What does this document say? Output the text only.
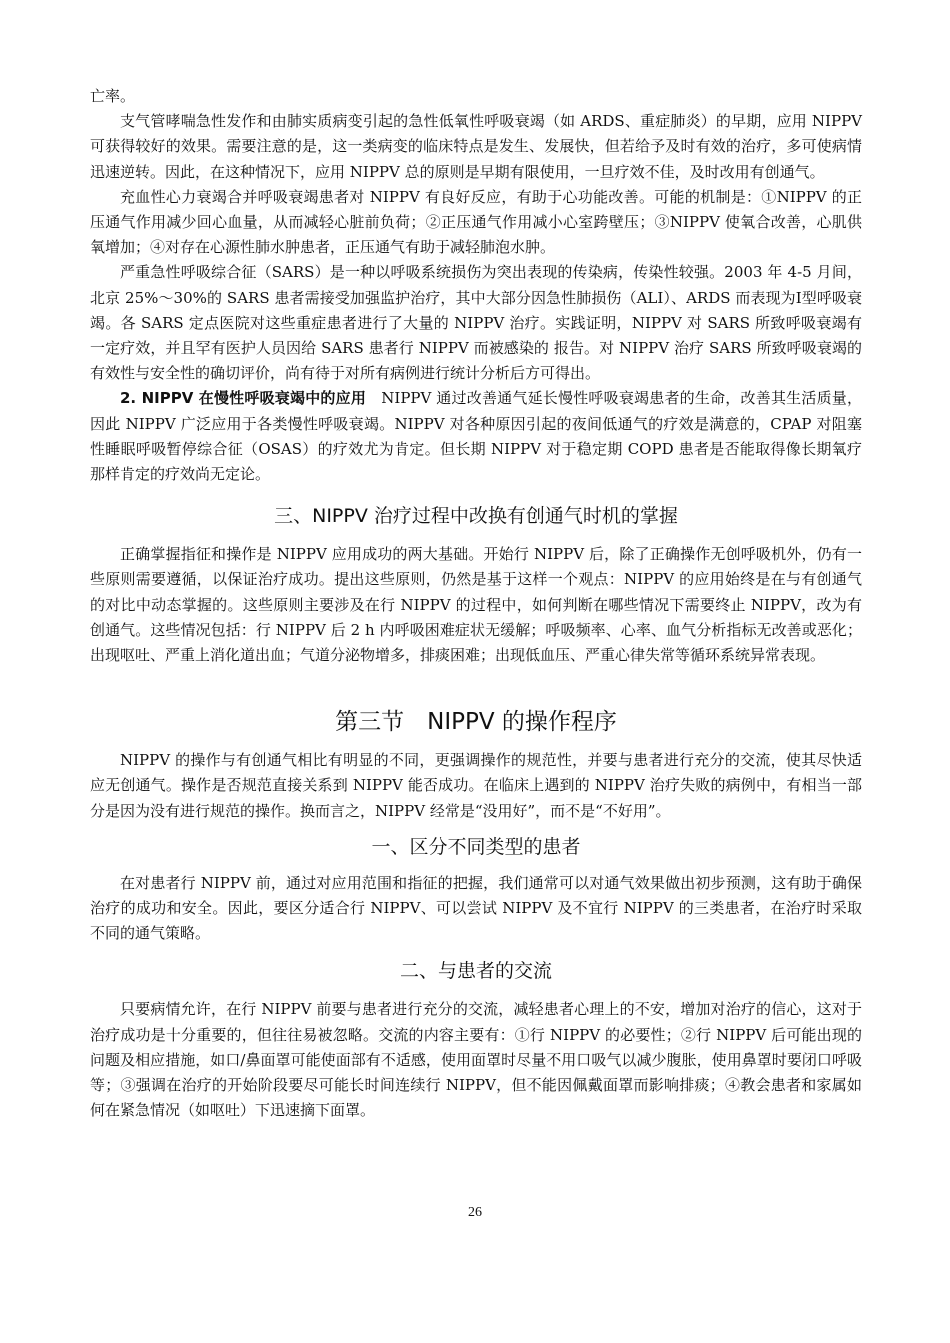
亡率。

支气管哮喘急性发作和由肺实质病变引起的急性低氧性呼吸衰竭（如 ARDS、重症肺炎）的早期，应用 NIPPV 可获得较好的效果。需要注意的是，这一类病变的临床特点是发生、发展快，但若给予及时有效的治疗，多可使病情迅速逆转。因此，在这种情况下，应用 NIPPV 总的原则是早期有限使用，一旦疗效不佳，及时改用有创通气。

充血性心力衰竭合并呼吸衰竭患者对 NIPPV 有良好反应，有助于心功能改善。可能的机制是：①NIPPV 的正压通气作用减少回心血量，从而减轻心脏前负荷；②正压通气作用减小心室跨壁压；③NIPPV 使氧合改善，心肌供氧增加；④对存在心源性肺水肿患者，正压通气有助于减轻肺泡水肿。

严重急性呼吸综合征（SARS）是一种以呼吸系统损伤为突出表现的传染病，传染性较强。2003 年 4-5 月间，北京 25%～30%的 SARS 患者需接受加强监护治疗，其中大部分因急性肺损伤（ALI）、ARDS 而表现为Ⅰ型呼吸衰竭。各 SARS 定点医院对这些重症患者进行了大量的 NIPPV 治疗。实践证明，NIPPV 对 SARS 所致呼吸衰竭有一定疗效，并且罕有医护人员因给 SARS 患者行 NIPPV 而被感染的 报告。对 NIPPV 治疗 SARS 所致呼吸衰竭的有效性与安全性的确切评价，尚有待于对所有病例进行统计分析后方可得出。

2. NIPPV 在慢性呼吸衰竭中的应用　 NIPPV 通过改善通气延长慢性呼吸衰竭患者的生命，改善其生活质量，因此 NIPPV 广泛应用于各类慢性呼吸衰竭。NIPPV 对各种原因引起的夜间低通气的疗效是满意的，CPAP 对阻塞性睡眠呼吸暂停综合征（OSAS）的疗效尤为肯定。但长期 NIPPV 对于稳定期 COPD 患者是否能取得像长期氧疗那样肯定的疗效尚无定论。

三、NIPPV 治疗过程中改换有创通气时机的掌握

正确掌握指征和操作是 NIPPV 应用成功的两大基础。开始行 NIPPV 后，除了正确操作无创呼吸机外，仍有一些原则需要遵循，以保证治疗成功。提出这些原则，仍然是基于这样一个观点：NIPPV 的应用始终是在与有创通气的对比中动态掌握的。这些原则主要涉及在行 NIPPV 的过程中，如何判断在哪些情况下需要终止 NIPPV，改为有创通气。这些情况包括：行 NIPPV 后 2 h 内呼吸困难症状无缓解；呼吸频率、心率、血气分析指标无改善或恶化；出现呕吐、严重上消化道出血；气道分泌物增多，排痰困难；出现低血压、严重心律失常等循环系统异常表现。

第三节　NIPPV 的操作程序

NIPPV 的操作与有创通气相比有明显的不同，更强调操作的规范性，并要与患者进行充分的交流，使其尽快适应无创通气。操作是否规范直接关系到 NIPPV 能否成功。在临床上遇到的 NIPPV 治疗失败的病例中，有相当一部分是因为没有进行规范的操作。换而言之，NIPPV 经常是“没用好”，而不是“不好用”。

一、区分不同类型的患者

在对患者行 NIPPV 前，通过对应用范围和指征的把握，我们通常可以对通气效果做出初步预测，这有助于确保治疗的成功和安全。因此，要区分适合行 NIPPV、可以尝试 NIPPV 及不宜行 NIPPV 的三类患者，在治疗时采取不同的通气策略。

二、与患者的交流

只要病情允许，在行 NIPPV 前要与患者进行充分的交流，减轻患者心理上的不安，增加对治疗的信心，这对于治疗成功是十分重要的，但往往易被忽略。交流的内容主要有：①行 NIPPV 的必要性；②行 NIPPV 后可能出现的问题及相应措施，如口/鼻面罩可能使面部有不适感，使用面罩时尽量不用口吸气以减少腹胀，使用鼻罩时要闭口呼吸等；③强调在治疗的开始阶段要尽可能长时间连续行 NIPPV，但不能因佩戴面罩而影响排痰；④教会患者和家属如何在紧急情况（如呕吐）下迅速摘下面罩。

26
